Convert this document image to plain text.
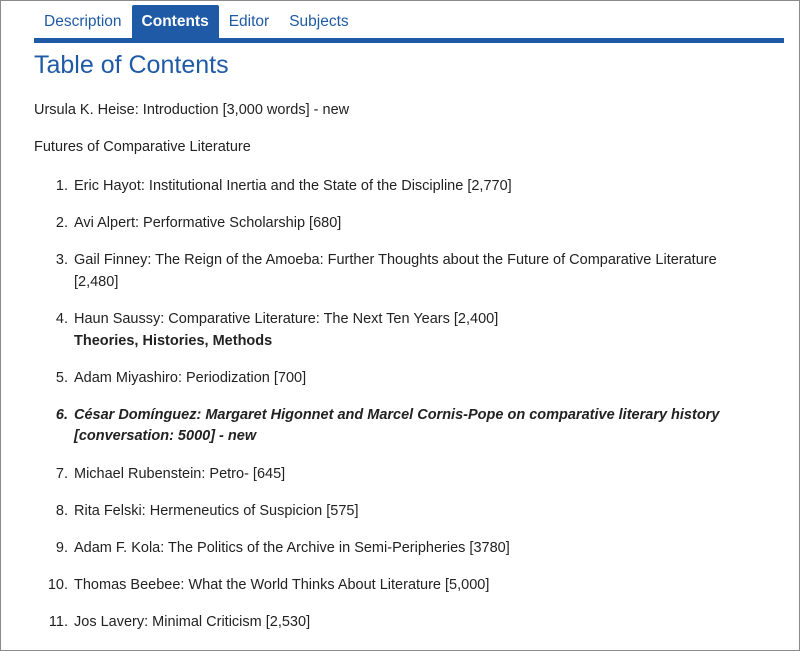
Description	Contents	Editor	Subjects
Table of Contents

Ursula K. Heise: Introduction [3,000 words] - new

Futures of Comparative Literature

1. Eric Hayot: Institutional Inertia and the State of the Discipline [2,770]
2. Avi Alpert: Performative Scholarship [680]
3. Gail Finney: The Reign of the Amoeba: Further Thoughts about the Future of Comparative Literature [2,480]
4. Haun Saussy: Comparative Literature: The Next Ten Years [2,400]
Theories, Histories, Methods
5. Adam Miyashiro: Periodization [700]
6. César Domínguez: Margaret Higonnet and Marcel Cornis-Pope on comparative literary history [conversation: 5000] - new
7. Michael Rubenstein: Petro- [645]
8. Rita Felski: Hermeneutics of Suspicion [575]
9. Adam F. Kola: The Politics of the Archive in Semi-Peripheries [3780]
10. Thomas Beebee: What the World Thinks About Literature [5,000]
11. Jos Lavery: Minimal Criticism [2,530]
